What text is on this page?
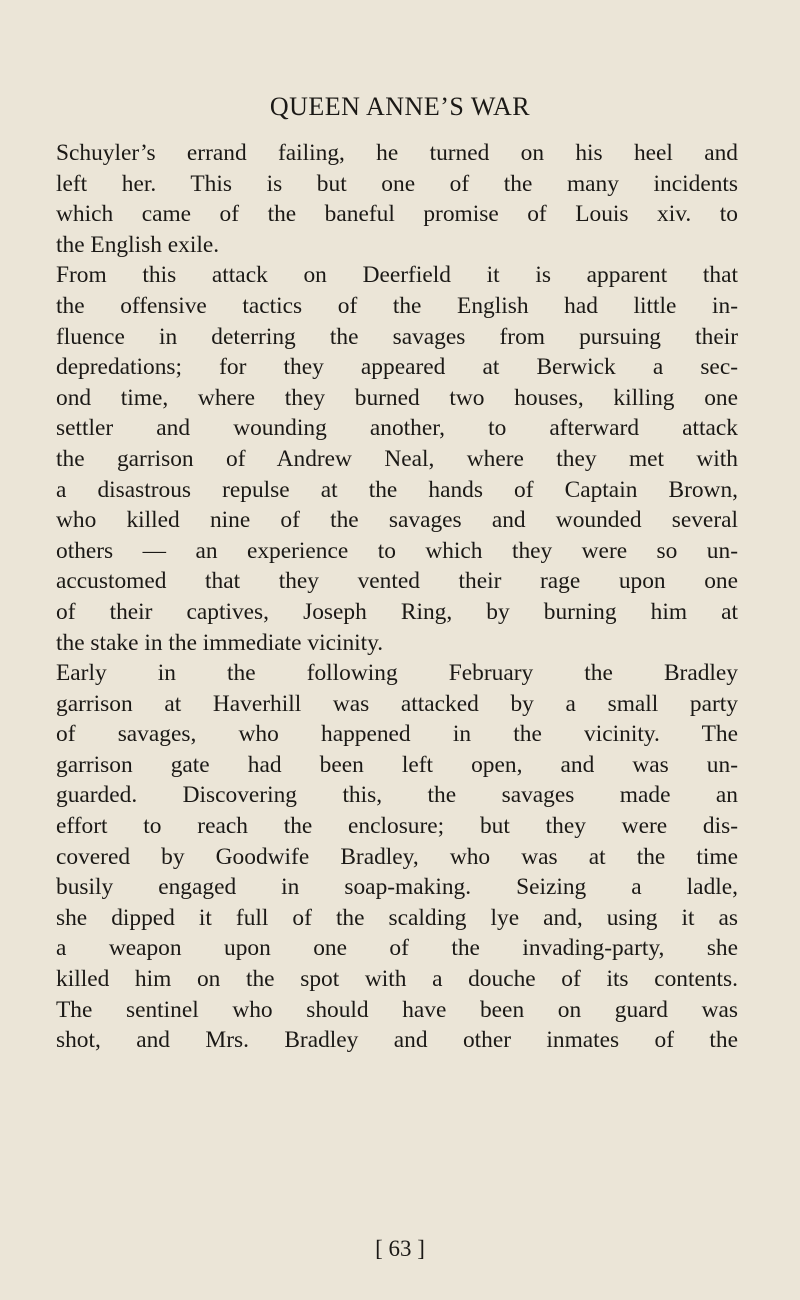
QUEEN ANNE’S WAR
Schuyler’s errand failing, he turned on his heel and
left her. This is but one of the many incidents
which came of the baneful promise of Louis xiv. to
the English exile.
From this attack on Deerfield it is apparent that
the offensive tactics of the English had little in-
fluence in deterring the savages from pursuing their
depredations; for they appeared at Berwick a sec-
ond time, where they burned two houses, killing one
settler and wounding another, to afterward attack
the garrison of Andrew Neal, where they met with
a disastrous repulse at the hands of Captain Brown,
who killed nine of the savages and wounded several
others — an experience to which they were so un-
accustomed that they vented their rage upon one
of their captives, Joseph Ring, by burning him at
the stake in the immediate vicinity.
Early in the following February the Bradley
garrison at Haverhill was attacked by a small party
of savages, who happened in the vicinity. The
garrison gate had been left open, and was un-
guarded. Discovering this, the savages made an
effort to reach the enclosure; but they were dis-
covered by Goodwife Bradley, who was at the time
busily engaged in soap-making. Seizing a ladle,
she dipped it full of the scalding lye and, using it as
a weapon upon one of the invading-party, she
killed him on the spot with a douche of its contents.
The sentinel who should have been on guard was
shot, and Mrs. Bradley and other inmates of the
[ 63 ]
